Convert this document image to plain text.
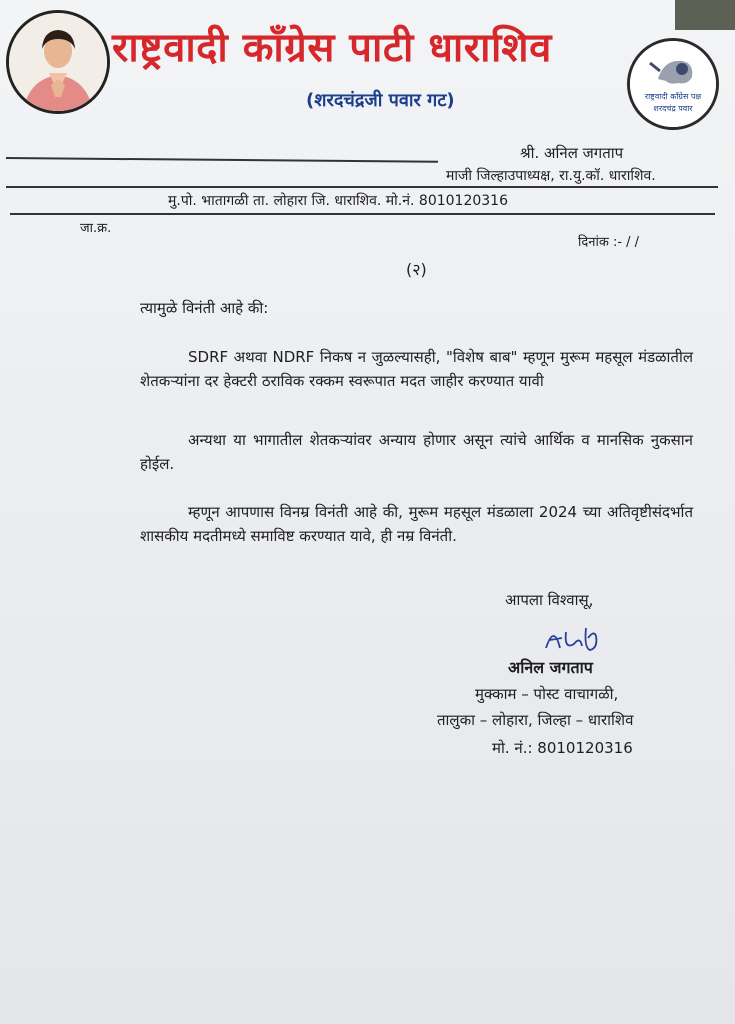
राष्ट्रवादी कॉंग्रेस पाटी धाराशिव
(शरदचंद्रजी पवार गट)	राष्ट्रवादी कॉंग्रेस पक्ष
शरदचंद्र पवार
श्री. अनिल जगताप
माजी जिल्हाउपाध्यक्ष, रा.यु.कॉ. धाराशिव.
मु.पो. भातागळी ता. लोहारा जि. धाराशिव. मो.नं. 8010120316
जा.क्र.
दिनांक :- / /
(२)
त्यामुळे विनंती आहे की:
SDRF अथवा NDRF निकष न जुळल्यासही, "विशेष बाब" म्हणून मुरूम महसूल मंडळातील शेतकऱ्यांना दर हेक्टरी ठराविक रक्कम स्वरूपात मदत जाहीर करण्यात यावी
अन्यथा या भागातील शेतकऱ्यांवर अन्याय होणार असून त्यांचे आर्थिक व मानसिक नुकसान होईल.
म्हणून आपणास विनम्र विनंती आहे की, मुरूम महसूल मंडळाला 2024 च्या अतिवृष्टीसंदर्भात शासकीय मदतीमध्ये समाविष्ट करण्यात यावे, ही नम्र विनंती.
आपला विश्वासू,
अनिल जगताप
मुक्काम – पोस्ट वाचागळी,
तालुका – लोहारा, जिल्हा – धाराशिव
मो. नं.: 8010120316
